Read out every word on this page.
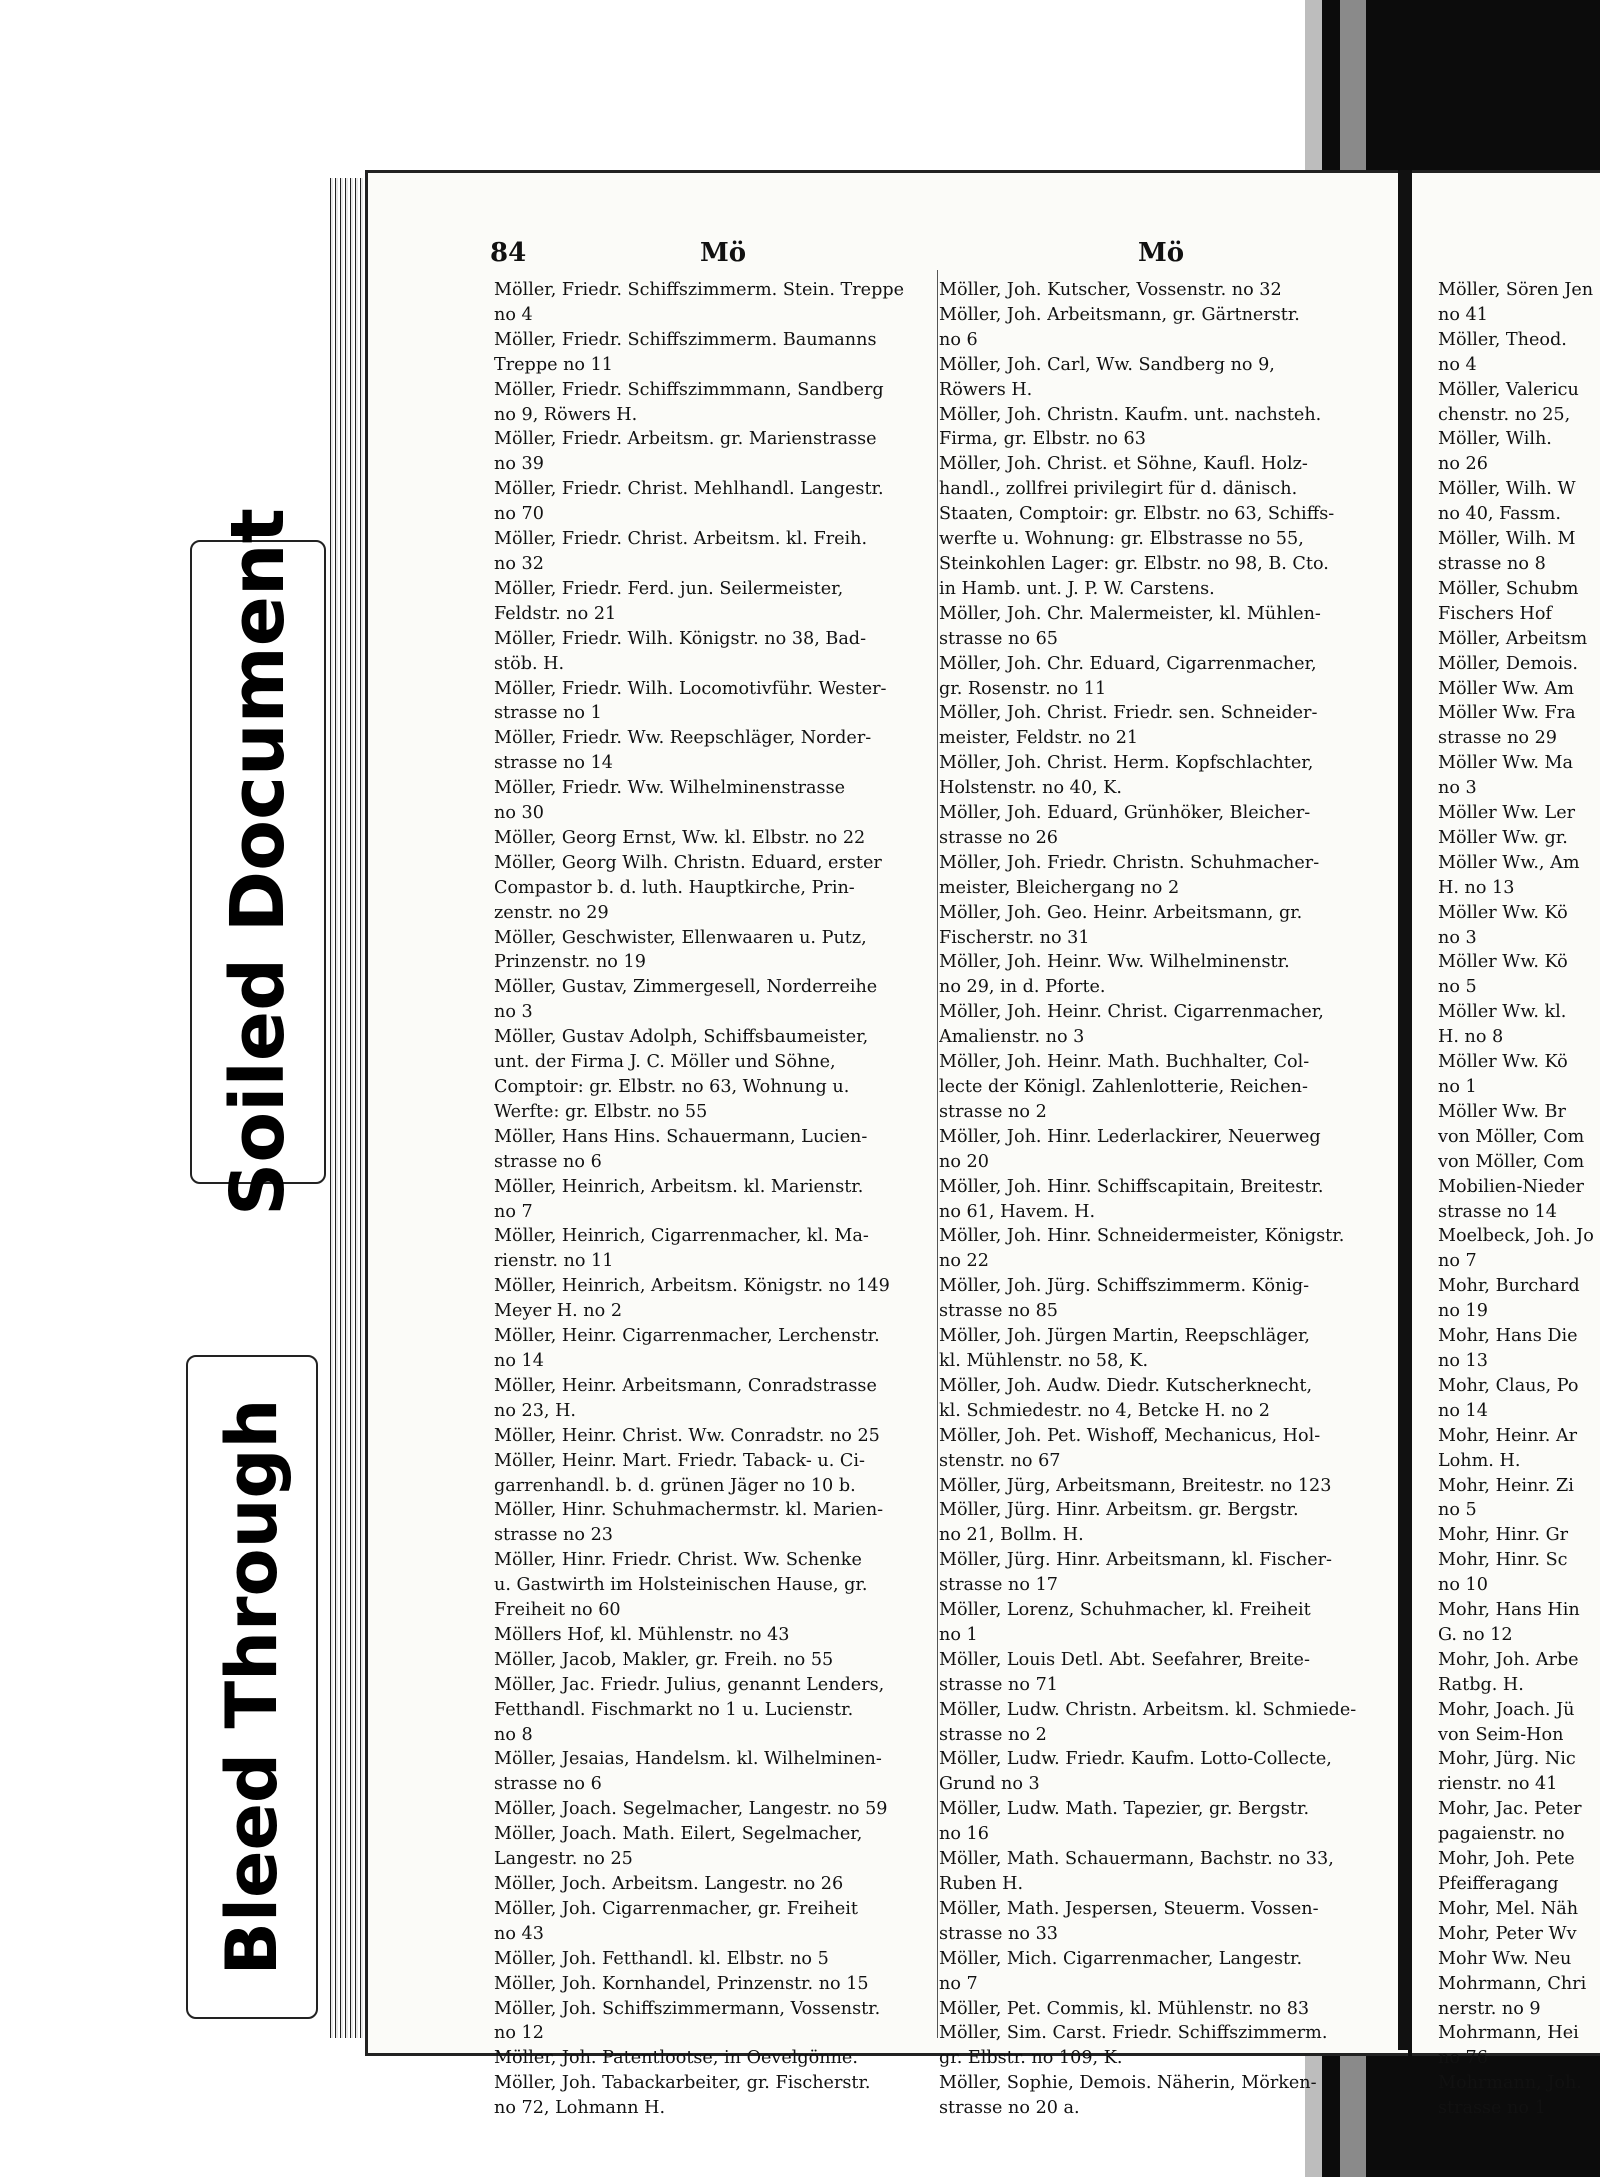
Soiled Document
Bleed Through
84	Mö	Mö
Möller, Friedr. Schiffszimmerm. Stein. Treppe
no 4
Möller, Friedr. Schiffszimmerm. Baumanns
Treppe no 11
Möller, Friedr. Schiffszimmmann, Sandberg
no 9, Röwers H.
Möller, Friedr. Arbeitsm. gr. Marienstrasse
no 39
Möller, Friedr. Christ. Mehlhandl. Langestr.
no 70
Möller, Friedr. Christ. Arbeitsm. kl. Freih.
no 32
Möller, Friedr. Ferd. jun. Seilermeister,
Feldstr. no 21
Möller, Friedr. Wilh. Königstr. no 38, Bad-
stöb. H.
Möller, Friedr. Wilh. Locomotivführ. Wester-
strasse no 1
Möller, Friedr. Ww. Reepschläger, Norder-
strasse no 14
Möller, Friedr. Ww. Wilhelminenstrasse
no 30
Möller, Georg Ernst, Ww. kl. Elbstr. no 22
Möller, Georg Wilh. Christn. Eduard, erster
Compastor b. d. luth. Hauptkirche, Prin-
zenstr. no 29
Möller, Geschwister, Ellenwaaren u. Putz,
Prinzenstr. no 19
Möller, Gustav, Zimmergesell, Norderreihe
no 3
Möller, Gustav Adolph, Schiffsbaumeister,
unt. der Firma J. C. Möller und Söhne,
Comptoir: gr. Elbstr. no 63, Wohnung u.
Werfte: gr. Elbstr. no 55
Möller, Hans Hins. Schauermann, Lucien-
strasse no 6
Möller, Heinrich, Arbeitsm. kl. Marienstr.
no 7
Möller, Heinrich, Cigarrenmacher, kl. Ma-
rienstr. no 11
Möller, Heinrich, Arbeitsm. Königstr. no 149
Meyer H. no 2
Möller, Heinr. Cigarrenmacher, Lerchenstr.
no 14
Möller, Heinr. Arbeitsmann, Conradstrasse
no 23, H.
Möller, Heinr. Christ. Ww. Conradstr. no 25
Möller, Heinr. Mart. Friedr. Taback- u. Ci-
garrenhandl. b. d. grünen Jäger no 10 b.
Möller, Hinr. Schuhmachermstr. kl. Marien-
strasse no 23
Möller, Hinr. Friedr. Christ. Ww. Schenke
u. Gastwirth im Holsteinischen Hause, gr.
Freiheit no 60
Möllers Hof, kl. Mühlenstr. no 43
Möller, Jacob, Makler, gr. Freih. no 55
Möller, Jac. Friedr. Julius, genannt Lenders,
Fetthandl. Fischmarkt no 1 u. Lucienstr.
no 8
Möller, Jesaias, Handelsm. kl. Wilhelminen-
strasse no 6
Möller, Joach. Segelmacher, Langestr. no 59
Möller, Joach. Math. Eilert, Segelmacher,
Langestr. no 25
Möller, Joch. Arbeitsm. Langestr. no 26
Möller, Joh. Cigarrenmacher, gr. Freiheit
no 43
Möller, Joh. Fetthandl. kl. Elbstr. no 5
Möller, Joh. Kornhandel, Prinzenstr. no 15
Möller, Joh. Schiffszimmermann, Vossenstr.
no 12
Möller, Joh. Patentlootse, in Oevelgönne.
Möller, Joh. Tabackarbeiter, gr. Fischerstr.
no 72, Lohmann H.
Möller, Joh. Kutscher, Vossenstr. no 32
Möller, Joh. Arbeitsmann, gr. Gärtnerstr.
no 6
Möller, Joh. Carl, Ww. Sandberg no 9,
Röwers H.
Möller, Joh. Christn. Kaufm. unt. nachsteh.
Firma, gr. Elbstr. no 63
Möller, Joh. Christ. et Söhne, Kaufl. Holz-
handl., zollfrei privilegirt für d. dänisch.
Staaten, Comptoir: gr. Elbstr. no 63, Schiffs-
werfte u. Wohnung: gr. Elbstrasse no 55,
Steinkohlen Lager: gr. Elbstr. no 98, B. Cto.
in Hamb. unt. J. P. W. Carstens.
Möller, Joh. Chr. Malermeister, kl. Mühlen-
strasse no 65
Möller, Joh. Chr. Eduard, Cigarrenmacher,
gr. Rosenstr. no 11
Möller, Joh. Christ. Friedr. sen. Schneider-
meister, Feldstr. no 21
Möller, Joh. Christ. Herm. Kopfschlachter,
Holstenstr. no 40, K.
Möller, Joh. Eduard, Grünhöker, Bleicher-
strasse no 26
Möller, Joh. Friedr. Christn. Schuhmacher-
meister, Bleichergang no 2
Möller, Joh. Geo. Heinr. Arbeitsmann, gr.
Fischerstr. no 31
Möller, Joh. Heinr. Ww. Wilhelminenstr.
no 29, in d. Pforte.
Möller, Joh. Heinr. Christ. Cigarrenmacher,
Amalienstr. no 3
Möller, Joh. Heinr. Math. Buchhalter, Col-
lecte der Königl. Zahlenlotterie, Reichen-
strasse no 2
Möller, Joh. Hinr. Lederlackirer, Neuerweg
no 20
Möller, Joh. Hinr. Schiffscapitain, Breitestr.
no 61, Havem. H.
Möller, Joh. Hinr. Schneidermeister, Königstr.
no 22
Möller, Joh. Jürg. Schiffszimmerm. König-
strasse no 85
Möller, Joh. Jürgen Martin, Reepschläger,
kl. Mühlenstr. no 58, K.
Möller, Joh. Audw. Diedr. Kutscherknecht,
kl. Schmiedestr. no 4, Betcke H. no 2
Möller, Joh. Pet. Wishoff, Mechanicus, Hol-
stenstr. no 67
Möller, Jürg, Arbeitsmann, Breitestr. no 123
Möller, Jürg. Hinr. Arbeitsm. gr. Bergstr.
no 21, Bollm. H.
Möller, Jürg. Hinr. Arbeitsmann, kl. Fischer-
strasse no 17
Möller, Lorenz, Schuhmacher, kl. Freiheit
no 1
Möller, Louis Detl. Abt. Seefahrer, Breite-
strasse no 71
Möller, Ludw. Christn. Arbeitsm. kl. Schmiede-
strasse no 2
Möller, Ludw. Friedr. Kaufm. Lotto-Collecte,
Grund no 3
Möller, Ludw. Math. Tapezier, gr. Bergstr.
no 16
Möller, Math. Schauermann, Bachstr. no 33,
Ruben H.
Möller, Math. Jespersen, Steuerm. Vossen-
strasse no 33
Möller, Mich. Cigarrenmacher, Langestr.
no 7
Möller, Pet. Commis, kl. Mühlenstr. no 83
Möller, Sim. Carst. Friedr. Schiffszimmerm.
gr. Elbstr. no 109, K.
Möller, Sophie, Demois. Näherin, Mörken-
strasse no 20 a.
Möller, Sören Jen
no 41
Möller, Theod.
no 4
Möller, Valericu
chenstr. no 25,
Möller, Wilh.
no 26
Möller, Wilh. W
no 40, Fassm.
Möller, Wilh. M
strasse no 8
Möller, Schubm
Fischers Hof
Möller, Arbeitsm
Möller, Demois.
Möller Ww. Am
Möller Ww. Fra
strasse no 29
Möller Ww. Ma
no 3
Möller Ww. Ler
Möller Ww. gr.
Möller Ww., Am
H. no 13
Möller Ww. Kö
no 3
Möller Ww. Kö
no 5
Möller Ww. kl.
H. no 8
Möller Ww. Kö
no 1
Möller Ww. Br
von Möller, Com
von Möller, Com
Mobilien-Nieder
strasse no 14
Moelbeck, Joh. Jo
no 7
Mohr, Burchard
no 19
Mohr, Hans Die
no 13
Mohr, Claus, Po
no 14
Mohr, Heinr. Ar
Lohm. H.
Mohr, Heinr. Zi
no 5
Mohr, Hinr. Gr
Mohr, Hinr. Sc
no 10
Mohr, Hans Hin
G. no 12
Mohr, Joh. Arbe
Ratbg. H.
Mohr, Joach. Jü
von Seim-Hon
Mohr, Jürg. Nic
rienstr. no 41
Mohr, Jac. Peter
pagaienstr. no
Mohr, Joh. Pete
Pfeifferagang
Mohr, Mel. Näh
Mohr, Peter Wv
Mohr Ww. Neu
Mohrmann, Chri
nerstr. no 9
Mohrmann, Hei
no 76
Mohrmann, Joh.
strasse no 1
